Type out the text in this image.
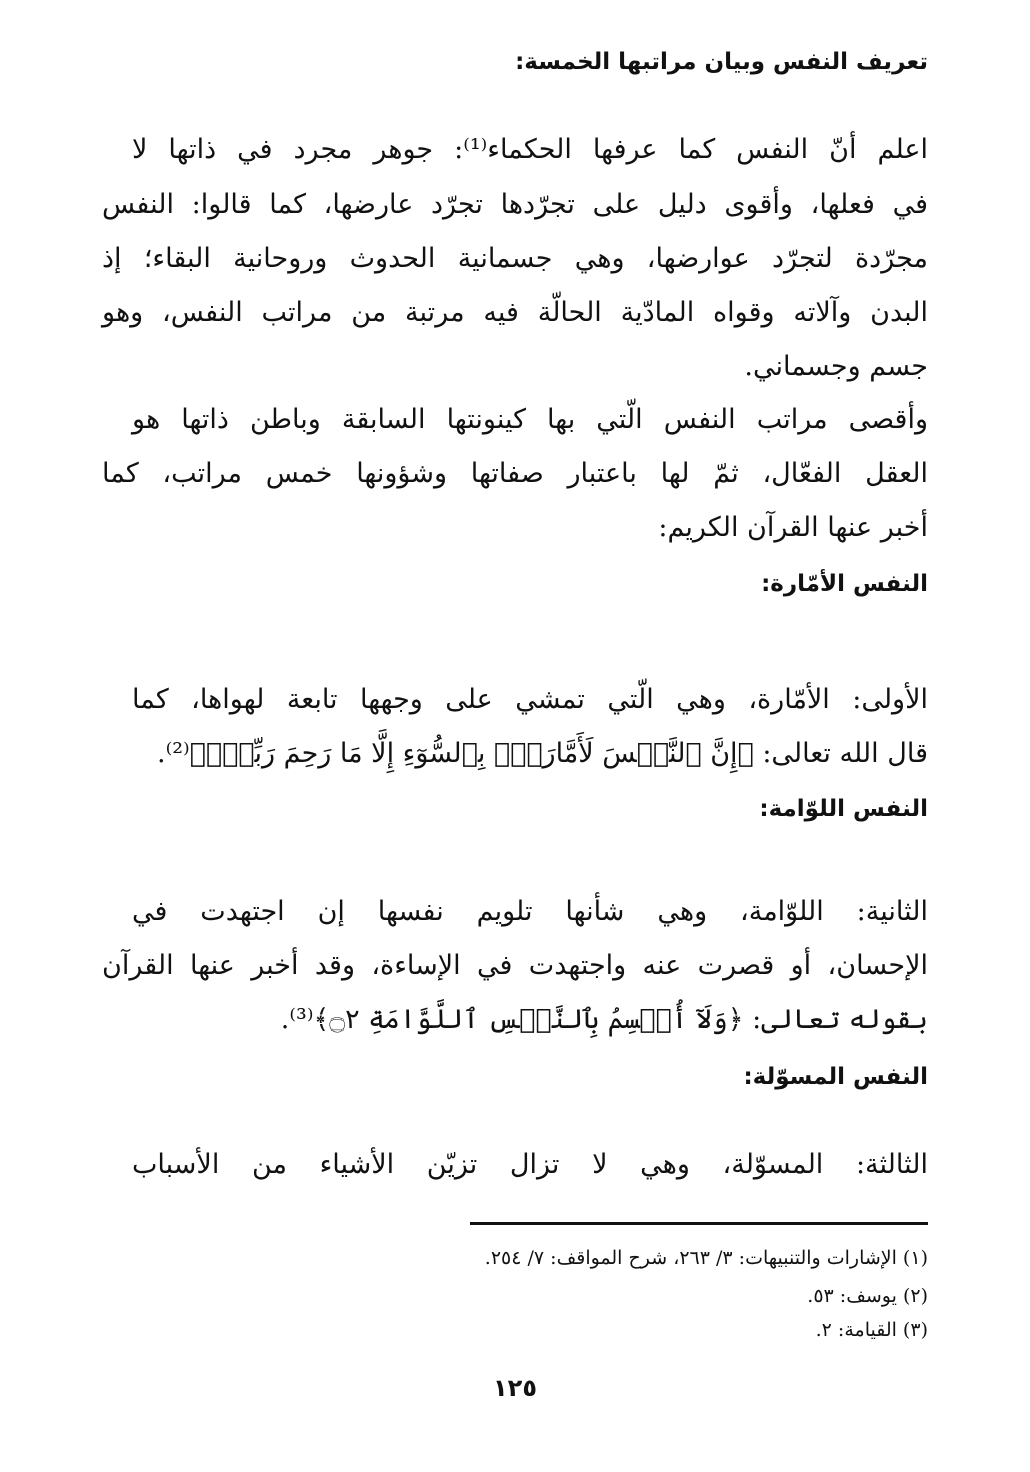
تعريف النفس وبيان مراتبها الخمسة:
اعلم أنّ النفس كما عرفها الحكماء⁽¹⁾: جوهر مجرد في ذاتها لا
في فعلها، وأقوى دليل على تجرّدها تجرّد عارضها، كما قالوا: النفس
مجرّدة لتجرّد عوارضها، وهي جسمانية الحدوث وروحانية البقاء؛ إذ
البدن وآلاته وقواه المادّية الحالّة فيه مرتبة من مراتب النفس، وهو
جسم وجسماني.
وأقصى مراتب النفس الّتي بها كينونتها السابقة وباطن ذاتها هو
العقل الفعّال، ثمّ لها باعتبار صفاتها وشؤونها خمس مراتب، كما
أخبر عنها القرآن الكريم:
النفس الأمّارة:
الأولى: الأمّارة، وهي الّتي تمشي على وجهها تابعة لهواها، كما
قال الله تعالى: ﴿إِنَّ ٱلنَّفۡسَ لَأَمَّارَةُۢ بِٱلسُّوٓءِ إِلَّا مَا رَحِمَ رَبِّيٓۚ﴾⁽²⁾.
النفس اللوّامة:
الثانية: اللوّامة، وهي شأنها تلويم نفسها إن اجتهدت في
الإحسان، أو قصرت عنه واجتهدت في الإساءة، وقد أخبر عنها القرآن
بقوله تعالى: ﴿وَلَآ أُقۡسِمُ بِٱلنَّفۡسِ ٱللَّوَّامَةِ ۝٢﴾⁽³⁾.
النفس المسوّلة:
الثالثة: المسوّلة، وهي لا تزال تزيّن الأشياء من الأسباب
(١) الإشارات والتنبيهات: ٣/ ٢٦٣، شرح المواقف: ٧/ ٢٥٤.
(٢) يوسف: ٥٣.
(٣) القيامة: ٢.
١٢٥
